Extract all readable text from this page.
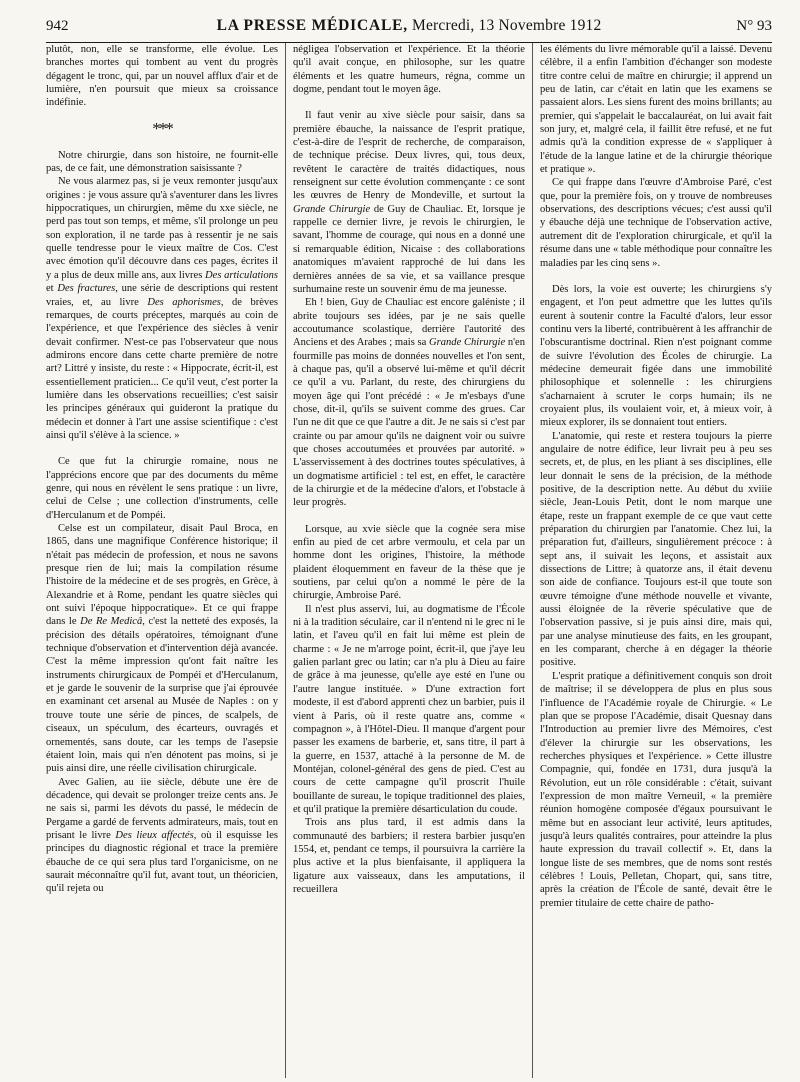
942	LA PRESSE MÉDICALE, Mercredi, 13 Novembre 1912	N° 93

plutôt, non, elle se transforme, elle évolue. Les branches mortes qui tombent au vent du progrès dégagent le tronc, qui, par un nouvel afflux d'air et de lumière, n'en poursuit que mieux sa croissance indéfinie.

***

Notre chirurgie, dans son histoire, ne fournit-elle pas, de ce fait, une démonstration saisissante ?

Ne vous alarmez pas, si je veux remonter jusqu'aux origines : je vous assure qu'à s'aventurer dans les livres hippocratiques, un chirurgien, même du xxe siècle, ne perd pas tout son temps, et même, s'il prolonge un peu son exploration, il ne tarde pas à ressentir je ne sais quelle tendresse pour le vieux maître de Cos. C'est avec émotion qu'il découvre dans ces pages, écrites il y a plus de deux mille ans, aux livres Des articulations et Des fractures, une série de descriptions qui restent vraies, et, au livre Des aphorismes, de brèves remarques, de courts préceptes, marqués au coin de l'expérience, et que l'expérience des siècles à venir devait confirmer. N'est-ce pas l'observateur que nous admirons encore dans cette charte première de notre art? Littré y insiste, du reste : « Hippocrate, écrit-il, est essentiellement praticien... Ce qu'il veut, c'est porter la lumière dans les observations recueillies; c'est saisir les principes généraux qui guideront la pratique du médecin et donner à l'art une assise scientifique : c'est ainsi qu'il s'élève à la science. »

Ce que fut la chirurgie romaine, nous ne l'apprécions encore que par des documents du même genre, qui nous en révèlent le sens pratique : un livre, celui de Celse ; une collection d'instruments, celle d'Herculanum et de Pompéi.

Celse est un compilateur, disait Paul Broca, en 1865, dans une magnifique Conférence historique; il n'était pas médecin de profession, et nous ne savons presque rien de lui; mais la compilation résume l'histoire de la médecine et de ses progrès, en Grèce, à Alexandrie et à Rome, pendant les quatre siècles qui ont suivi l'époque hippocratique». Et ce qui frappe dans le De Re Medicâ, c'est la netteté des exposés, la précision des détails opératoires, témoignant d'une technique d'observation et d'intervention déjà avancée. C'est la même impression qu'ont fait naître les instruments chirurgicaux de Pompéi et d'Herculanum, et je garde le souvenir de la surprise que j'ai éprouvée en examinant cet arsenal au Musée de Naples : on y trouve toute une série de pinces, de scalpels, de ciseaux, un spéculum, des écarteurs, ouvragés et ornementés, sans doute, car les temps de l'asepsie étaient loin, mais qui n'en dénotent pas moins, si je puis ainsi dire, une réelle civilisation chirurgicale.

Avec Galien, au iie siècle, débute une ère de décadence, qui devait se prolonger treize cents ans. Je ne sais si, parmi les dévots du passé, le médecin de Pergame a gardé de fervents admirateurs, mais, tout en prisant le livre Des lieux affectés, où il esquisse les principes du diagnostic régional et trace la première ébauche de ce qui sera plus tard l'organicisme, on ne saurait méconnaître qu'il fut, avant tout, un théoricien, qu'il rejeta ou

négligea l'observation et l'expérience. Et la théorie qu'il avait conçue, en philosophe, sur les quatre éléments et les quatre humeurs, régna, comme un dogme, pendant tout le moyen âge.

Il faut venir au xive siècle pour saisir, dans sa première ébauche, la naissance de l'esprit pratique, c'est-à-dire de l'esprit de recherche, de comparaison, de technique précise. Deux livres, qui, tous deux, revêtent le caractère de traités didactiques, nous renseignent sur cette évolution commençante : ce sont les œuvres de Henry de Mondeville, et surtout la Grande Chirurgie de Guy de Chauliac. Et, lorsque je rappelle ce dernier livre, je revois le chirurgien, le savant, l'homme de courage, qui nous en a donné une si remarquable édition, Nicaise : des collaborations anatomiques m'avaient rapproché de lui dans les dernières années de sa vie, et sa vaillance presque surhumaine reste un souvenir ému de ma jeunesse.

Eh ! bien, Guy de Chauliac est encore galéniste ; il abrite toujours ses idées, par je ne sais quelle accoutumance scolastique, derrière l'autorité des Anciens et des Arabes ; mais sa Grande Chirurgie n'en fourmille pas moins de données nouvelles et l'on sent, à chaque pas, qu'il a observé lui-même et qu'il décrit ce qu'il a vu. Parlant, du reste, des chirurgiens du moyen âge qui l'ont précédé : « Je m'esbays d'une chose, dit-il, qu'ils se suivent comme des grues. Car l'un ne dit que ce que l'autre a dit. Je ne sais si c'est par crainte ou par amour qu'ils ne daignent voir ou suivre que choses accoutumées et prouvées par autorité. » L'asservissement à des doctrines toutes spéculatives, à un dogmatisme artificiel : tel est, en effet, le caractère de la chirurgie et de la médecine d'alors, et l'obstacle à leur progrès.

Lorsque, au xvie siècle que la cognée sera mise enfin au pied de cet arbre vermoulu, et cela par un homme dont les origines, l'histoire, la méthode plaident éloquemment en faveur de la thèse que je soutiens, par celui qu'on a nommé le père de la chirurgie, Ambroise Paré.

Il n'est plus asservi, lui, au dogmatisme de l'École ni à la tradition séculaire, car il n'entend ni le grec ni le latin, et l'aveu qu'il en fait lui même est plein de charme : « Je ne m'arroge point, écrit-il, que j'aye leu galien parlant grec ou latin; car n'a plu à Dieu au faire de grâce à ma jeunesse, qu'elle aye esté en l'une ou l'autre langue instituée. » D'une extraction fort modeste, il est d'abord apprenti chez un barbier, puis il vient à Paris, où il reste quatre ans, comme « compagnon », à l'Hôtel-Dieu. Il manque d'argent pour passer les examens de barberie, et, sans titre, il part à la guerre, en 1537, attaché à la personne de M. de Montéjan, colonel-général des gens de pied. C'est au cours de cette campagne qu'il proscrit l'huile bouillante de sureau, le topique traditionnel des plaies, et qu'il pratique la première désarticulation du coude.

Trois ans plus tard, il est admis dans la communauté des barbiers; il restera barbier jusqu'en 1554, et, pendant ce temps, il poursuivra la carrière la plus active et la plus bienfaisante, il appliquera la ligature aux vaisseaux, dans les amputations, il recueillera

les éléments du livre mémorable qu'il a laissé. Devenu célèbre, il a enfin l'ambition d'échanger son modeste titre contre celui de maître en chirurgie; il apprend un peu de latin, car c'était en latin que les examens se passaient alors. Les siens furent des moins brillants; au premier, qui s'appelait le baccalauréat, on lui avait fait son jury, et, malgré cela, il faillit être refusé, et ne fut admis qu'à la condition expresse de « s'appliquer à l'étude de la langue latine et de la chirurgie théorique et pratique ».

Ce qui frappe dans l'œuvre d'Ambroise Paré, c'est que, pour la première fois, on y trouve de nombreuses observations, des descriptions vécues; c'est aussi qu'il y ébauche déjà une technique de l'observation active, autrement dit de l'exploration chirurgicale, et qu'il la résume dans une « table méthodique pour connaître les maladies par les cinq sens ».

Dès lors, la voie est ouverte; les chirurgiens s'y engagent, et l'on peut admettre que les luttes qu'ils eurent à soutenir contre la Faculté d'alors, leur essor continu vers la liberté, contribuèrent à les affranchir de l'obscurantisme doctrinal. Rien n'est poignant comme de suivre l'évolution des Écoles de chirurgie. La médecine demeurait figée dans une immobilité philosophique et solennelle : les chirurgiens s'acharnaient à scruter le corps humain; ils ne croyaient plus, ils voulaient voir, et, à mieux voir, à mieux explorer, ils se donnaient tout entiers.

L'anatomie, qui reste et restera toujours la pierre angulaire de notre édifice, leur livrait peu à peu ses secrets, et, de plus, en les pliant à ses disciplines, elle leur donnait le sens de la précision, de la méthode positive, de la description nette. Au début du xviiie siècle, Jean-Louis Petit, dont le nom marque une étape, reste un frappant exemple de ce que vaut cette préparation du chirurgien par l'anatomie. Chez lui, la préparation fut, d'ailleurs, singulièrement précoce : à sept ans, il suivait les leçons, et assistait aux dissections de Littre; à quatorze ans, il était devenu son aide de confiance. Toujours est-il que toute son œuvre témoigne d'une méthode nouvelle et vivante, aussi éloignée de la rêverie spéculative que de l'observation passive, si je puis ainsi dire, mais qui, par une analyse minutieuse des faits, en les groupant, en les comparant, cherche à en dégager la théorie positive.

L'esprit pratique a définitivement conquis son droit de maîtrise; il se développera de plus en plus sous l'influence de l'Académie royale de Chirurgie. « Le plan que se propose l'Académie, disait Quesnay dans l'Introduction au premier livre des Mémoires, c'est d'élever la chirurgie sur les observations, les recherches physiques et l'expérience. » Cette illustre Compagnie, qui, fondée en 1731, dura jusqu'à la Révolution, eut un rôle considérable : c'était, suivant l'expression de mon maître Verneuil, « la première réunion homogène composée d'égaux poursuivant le même but en associant leur activité, leurs aptitudes, jusqu'à leurs qualités contraires, pour atteindre la plus haute expression du travail collectif ». Et, dans la longue liste de ses membres, que de noms sont restés célèbres ! Louis, Pelletan, Chopart, qui, sans titre, après la création de l'École de santé, devait être le premier titulaire de cette chaire de patho-
